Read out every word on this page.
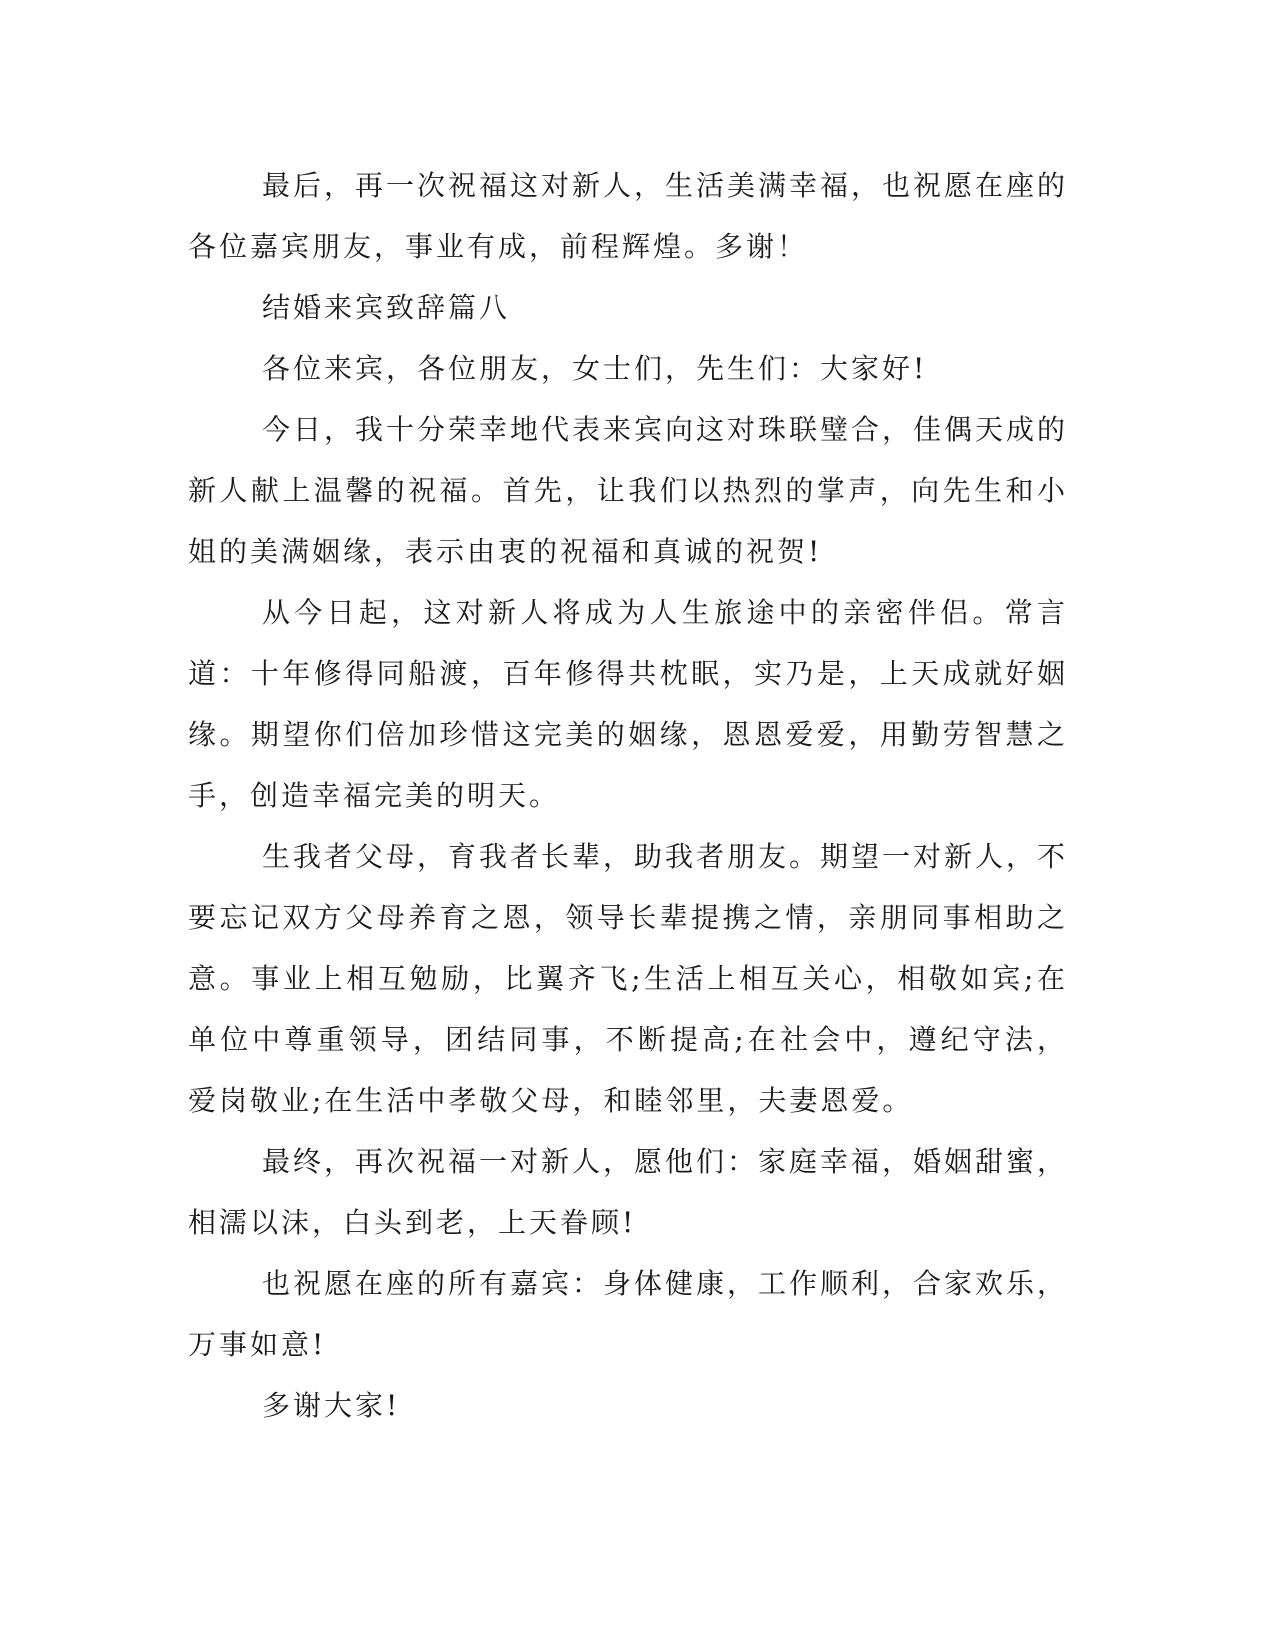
最后，再一次祝福这对新人，生活美满幸福，也祝愿在座的各位嘉宾朋友，事业有成，前程辉煌。多谢！

结婚来宾致辞篇八

各位来宾，各位朋友，女士们，先生们：大家好!

今日，我十分荣幸地代表来宾向这对珠联璧合，佳偶天成的新人献上温馨的祝福。首先，让我们以热烈的掌声，向先生和小姐的美满姻缘，表示由衷的祝福和真诚的祝贺!

从今日起，这对新人将成为人生旅途中的亲密伴侣。常言道：十年修得同船渡，百年修得共枕眠，实乃是，上天成就好姻缘。期望你们倍加珍惜这完美的姻缘，恩恩爱爱，用勤劳智慧之手，创造幸福完美的明天。

生我者父母，育我者长辈，助我者朋友。期望一对新人，不要忘记双方父母养育之恩，领导长辈提携之情，亲朋同事相助之意。事业上相互勉励，比翼齐飞;生活上相互关心，相敬如宾;在单位中尊重领导，团结同事，不断提高;在社会中，遵纪守法，爱岗敬业;在生活中孝敬父母，和睦邻里，夫妻恩爱。

最终，再次祝福一对新人，愿他们：家庭幸福，婚姻甜蜜，相濡以沫，白头到老，上天眷顾!

也祝愿在座的所有嘉宾：身体健康，工作顺利，合家欢乐，万事如意!

多谢大家!
